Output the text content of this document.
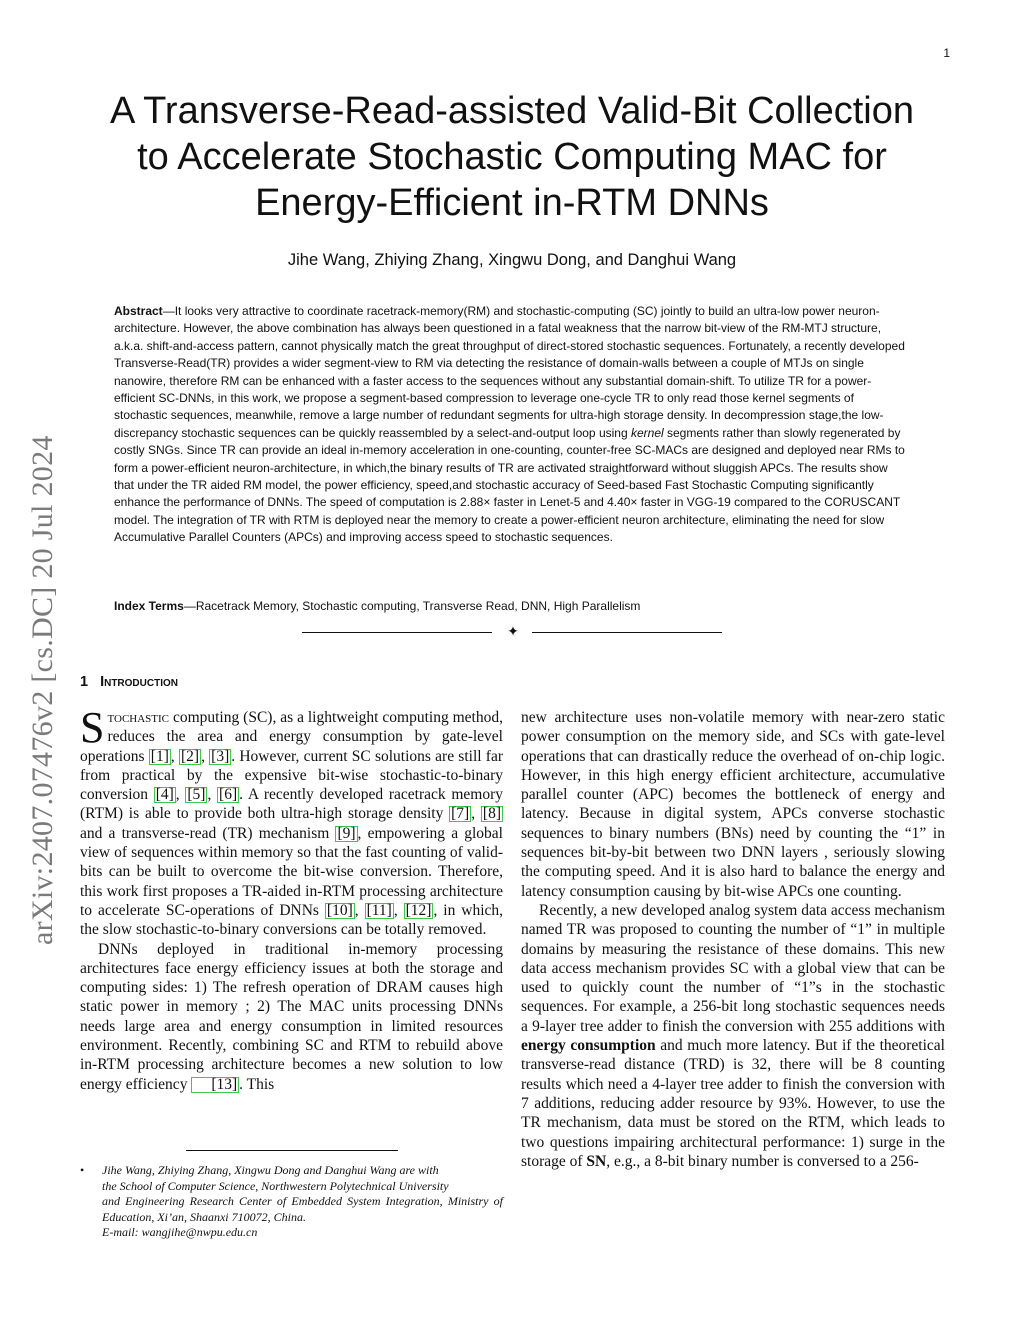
1
arXiv:2407.07476v2 [cs.DC] 20 Jul 2024
A Transverse-Read-assisted Valid-Bit Collection
to Accelerate Stochastic Computing MAC for
Energy-Efficient in-RTM DNNs
Jihe Wang, Zhiying Zhang, Xingwu Dong, and Danghui Wang

Abstract—It looks very attractive to coordinate racetrack-memory(RM) and stochastic-computing (SC) jointly to build an ultra-low power neuron-architecture. However, the above combination has always been questioned in a fatal weakness that the narrow bit-view of the RM-MTJ structure, a.k.a. shift-and-access pattern, cannot physically match the great throughput of direct-stored stochastic sequences. Fortunately, a recently developed Transverse-Read(TR) provides a wider segment-view to RM via detecting the resistance of domain-walls between a couple of MTJs on single nanowire, therefore RM can be enhanced with a faster access to the sequences without any substantial domain-shift. To utilize TR for a power-efficient SC-DNNs, in this work, we propose a segment-based compression to leverage one-cycle TR to only read those kernel segments of stochastic sequences, meanwhile, remove a large number of redundant segments for ultra-high storage density. In decompression stage,the low-discrepancy stochastic sequences can be quickly reassembled by a select-and-output loop using kernel segments rather than slowly regenerated by costly SNGs. Since TR can provide an ideal in-memory acceleration in one-counting, counter-free SC-MACs are designed and deployed near RMs to form a power-efficient neuron-architecture, in which,the binary results of TR are activated straightforward without sluggish APCs. The results show that under the TR aided RM model, the power efficiency, speed,and stochastic accuracy of Seed-based Fast Stochastic Computing significantly enhance the performance of DNNs. The speed of computation is 2.88× faster in Lenet-5 and 4.40× faster in VGG-19 compared to the CORUSCANT model. The integration of TR with RTM is deployed near the memory to create a power-efficient neuron architecture, eliminating the need for slow Accumulative Parallel Counters (APCs) and improving access speed to stochastic sequences.

Index Terms—Racetrack Memory, Stochastic computing, Transverse Read, DNN, High Parallelism

✦
1 Introduction

Stochastic computing (SC), as a lightweight computing method, reduces the area and energy consumption by gate-level operations [1] , [2] , [3] . However, current SC solutions are still far from practical by the expensive bit-wise stochastic-to-binary conversion [4] , [5] , [6] . A recently developed racetrack memory (RTM) is able to provide both ultra-high storage density [7] , [8] and a transverse-read (TR) mechanism [9] , empowering a global view of sequences within memory so that the fast counting of valid-bits can be built to overcome the bit-wise conversion. Therefore, this work first proposes a TR-aided in-RTM processing architecture to accelerate SC-operations of DNNs [10] , [11] , [12] , in which, the slow stochastic-to-binary conversions can be totally removed.

DNNs deployed in traditional in-memory processing architectures face energy efficiency issues at both the storage and computing sides: 1) The refresh operation of DRAM causes high static power in memory ; 2) The MAC units processing DNNs needs large area and energy consumption in limited resources environment. Recently, combining SC and RTM to rebuild above in-RTM processing architecture becomes a new solution to low energy efficiency [13] . This

new architecture uses non-volatile memory with near-zero static power consumption on the memory side, and SCs with gate-level operations that can drastically reduce the overhead of on-chip logic. However, in this high energy efficient architecture, accumulative parallel counter (APC) becomes the bottleneck of energy and latency. Because in digital system, APCs converse stochastic sequences to binary numbers (BNs) need by counting the “1” in sequences bit-by-bit between two DNN layers , seriously slowing the computing speed. And it is also hard to balance the energy and latency consumption causing by bit-wise APCs one counting.

Recently, a new developed analog system data access mechanism named TR was proposed to counting the number of “1” in multiple domains by measuring the resistance of these domains. This new data access mechanism provides SC with a global view that can be used to quickly count the number of “1”s in the stochastic sequences. For example, a 256-bit long stochastic sequences needs a 9-layer tree adder to finish the conversion with 255 additions with energy consumption and much more latency. But if the theoretical transverse-read distance (TRD) is 32, there will be 8 counting results which need a 4-layer tree adder to finish the conversion with 7 additions, reducing adder resource by 93%. However, to use the TR mechanism, data must be stored on the RTM, which leads to two questions impairing architectural performance: 1) surge in the storage of SN, e.g., a 8-bit binary number is conversed to a 256-

• Jihe Wang, Zhiying Zhang, Xingwu Dong and Danghui Wang are with
the School of Computer Science, Northwestern Polytechnical University
and Engineering Research Center of Embedded System Integration, Ministry of Education, Xi’an, Shaanxi 710072, China.
E-mail: wangjihe@nwpu.edu.cn
